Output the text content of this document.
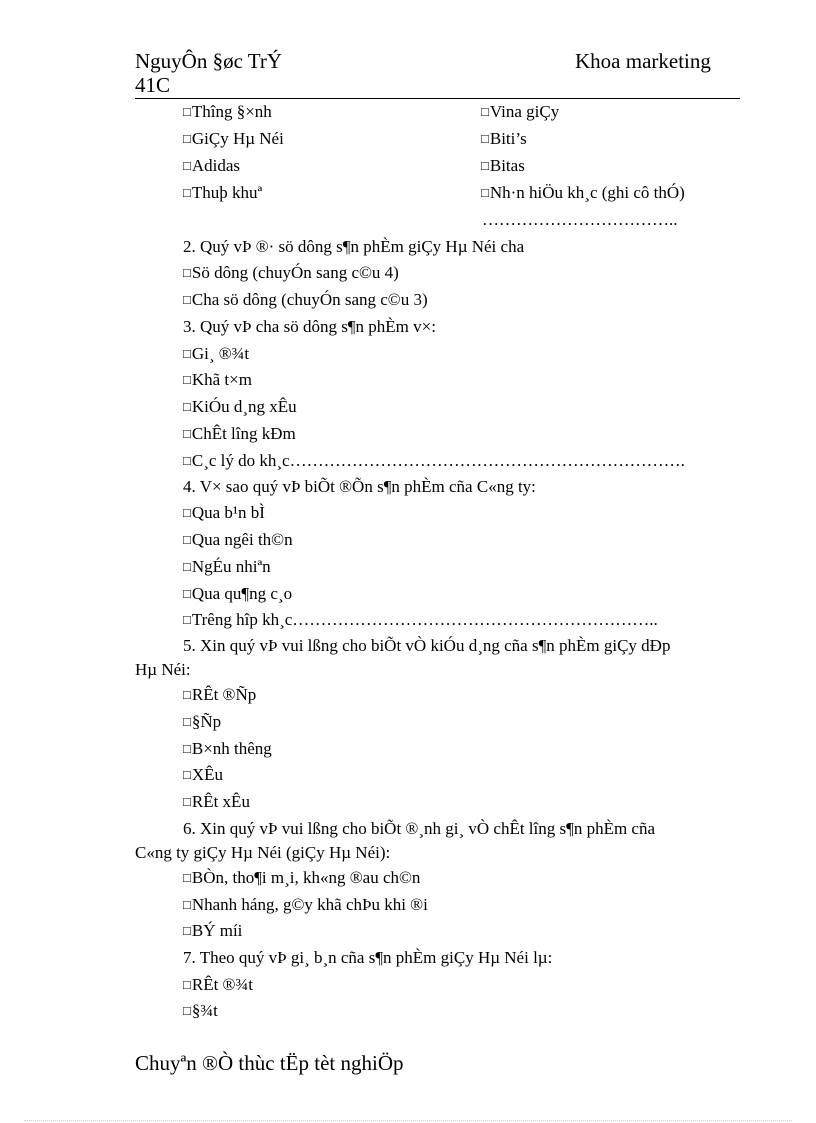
NguyÔn §øc TrÝ
41C
Khoa marketing
□ Thîng §×nh
□ GiÇy Hµ Néi
□ Adidas
□ Thuþ khuª
□ Vina giÇy
□ Biti’s
□ Bitas
□ Nh·n hiÖu kh¸c (ghi cô thÓ)
……………………………..
2. Quý vÞ ®· sö dông s¶n phÈm giÇy Hµ Néi cha
□ Sö dông (chuyÓn sang c©u 4)
□ Cha sö dông (chuyÓn sang c©u 3)
3. Quý vÞ cha sö dông s¶n phÈm v×:
□ Gi¸ ®¾t
□ Khã t×m
□ KiÓu d¸ng xÊu
□ ChÊt lîng kÐm
□ C¸c lý do kh¸c…………………………………………………………….
4. V× sao quý vÞ biÕt ®Õn s¶n phÈm cña C«ng ty:
□ Qua b¹n bÌ
□ Qua ngêi th©n
□ NgÉu nhiªn
□ Qua qu¶ng c¸o
□ Trêng hîp kh¸c………………………………………………………..
5. Xin quý vÞ vui lßng cho biÕt vÒ kiÓu d¸ng cña s¶n phÈm giÇy dÐp
Hµ Néi:
□ RÊt ®Ñp
□ §Ñp
□ B×nh thêng
□ XÊu
□ RÊt xÊu
6. Xin quý vÞ vui lßng cho biÕt ®¸nh gi¸ vÒ chÊt lîng s¶n phÈm cña
C«ng ty giÇy Hµ Néi (giÇy Hµ Néi):
□ BÒn, tho¶i m¸i, kh«ng ®au ch©n
□ Nhanh háng, g©y khã chÞu khi ®i
□ BÝ míi
7. Theo quý vÞ gi¸ b¸n cña s¶n phÈm giÇy Hµ Néi lµ:
□ RÊt ®¾t
□ §¾t
Chuyªn ®Ò thùc tËp tèt nghiÖp
